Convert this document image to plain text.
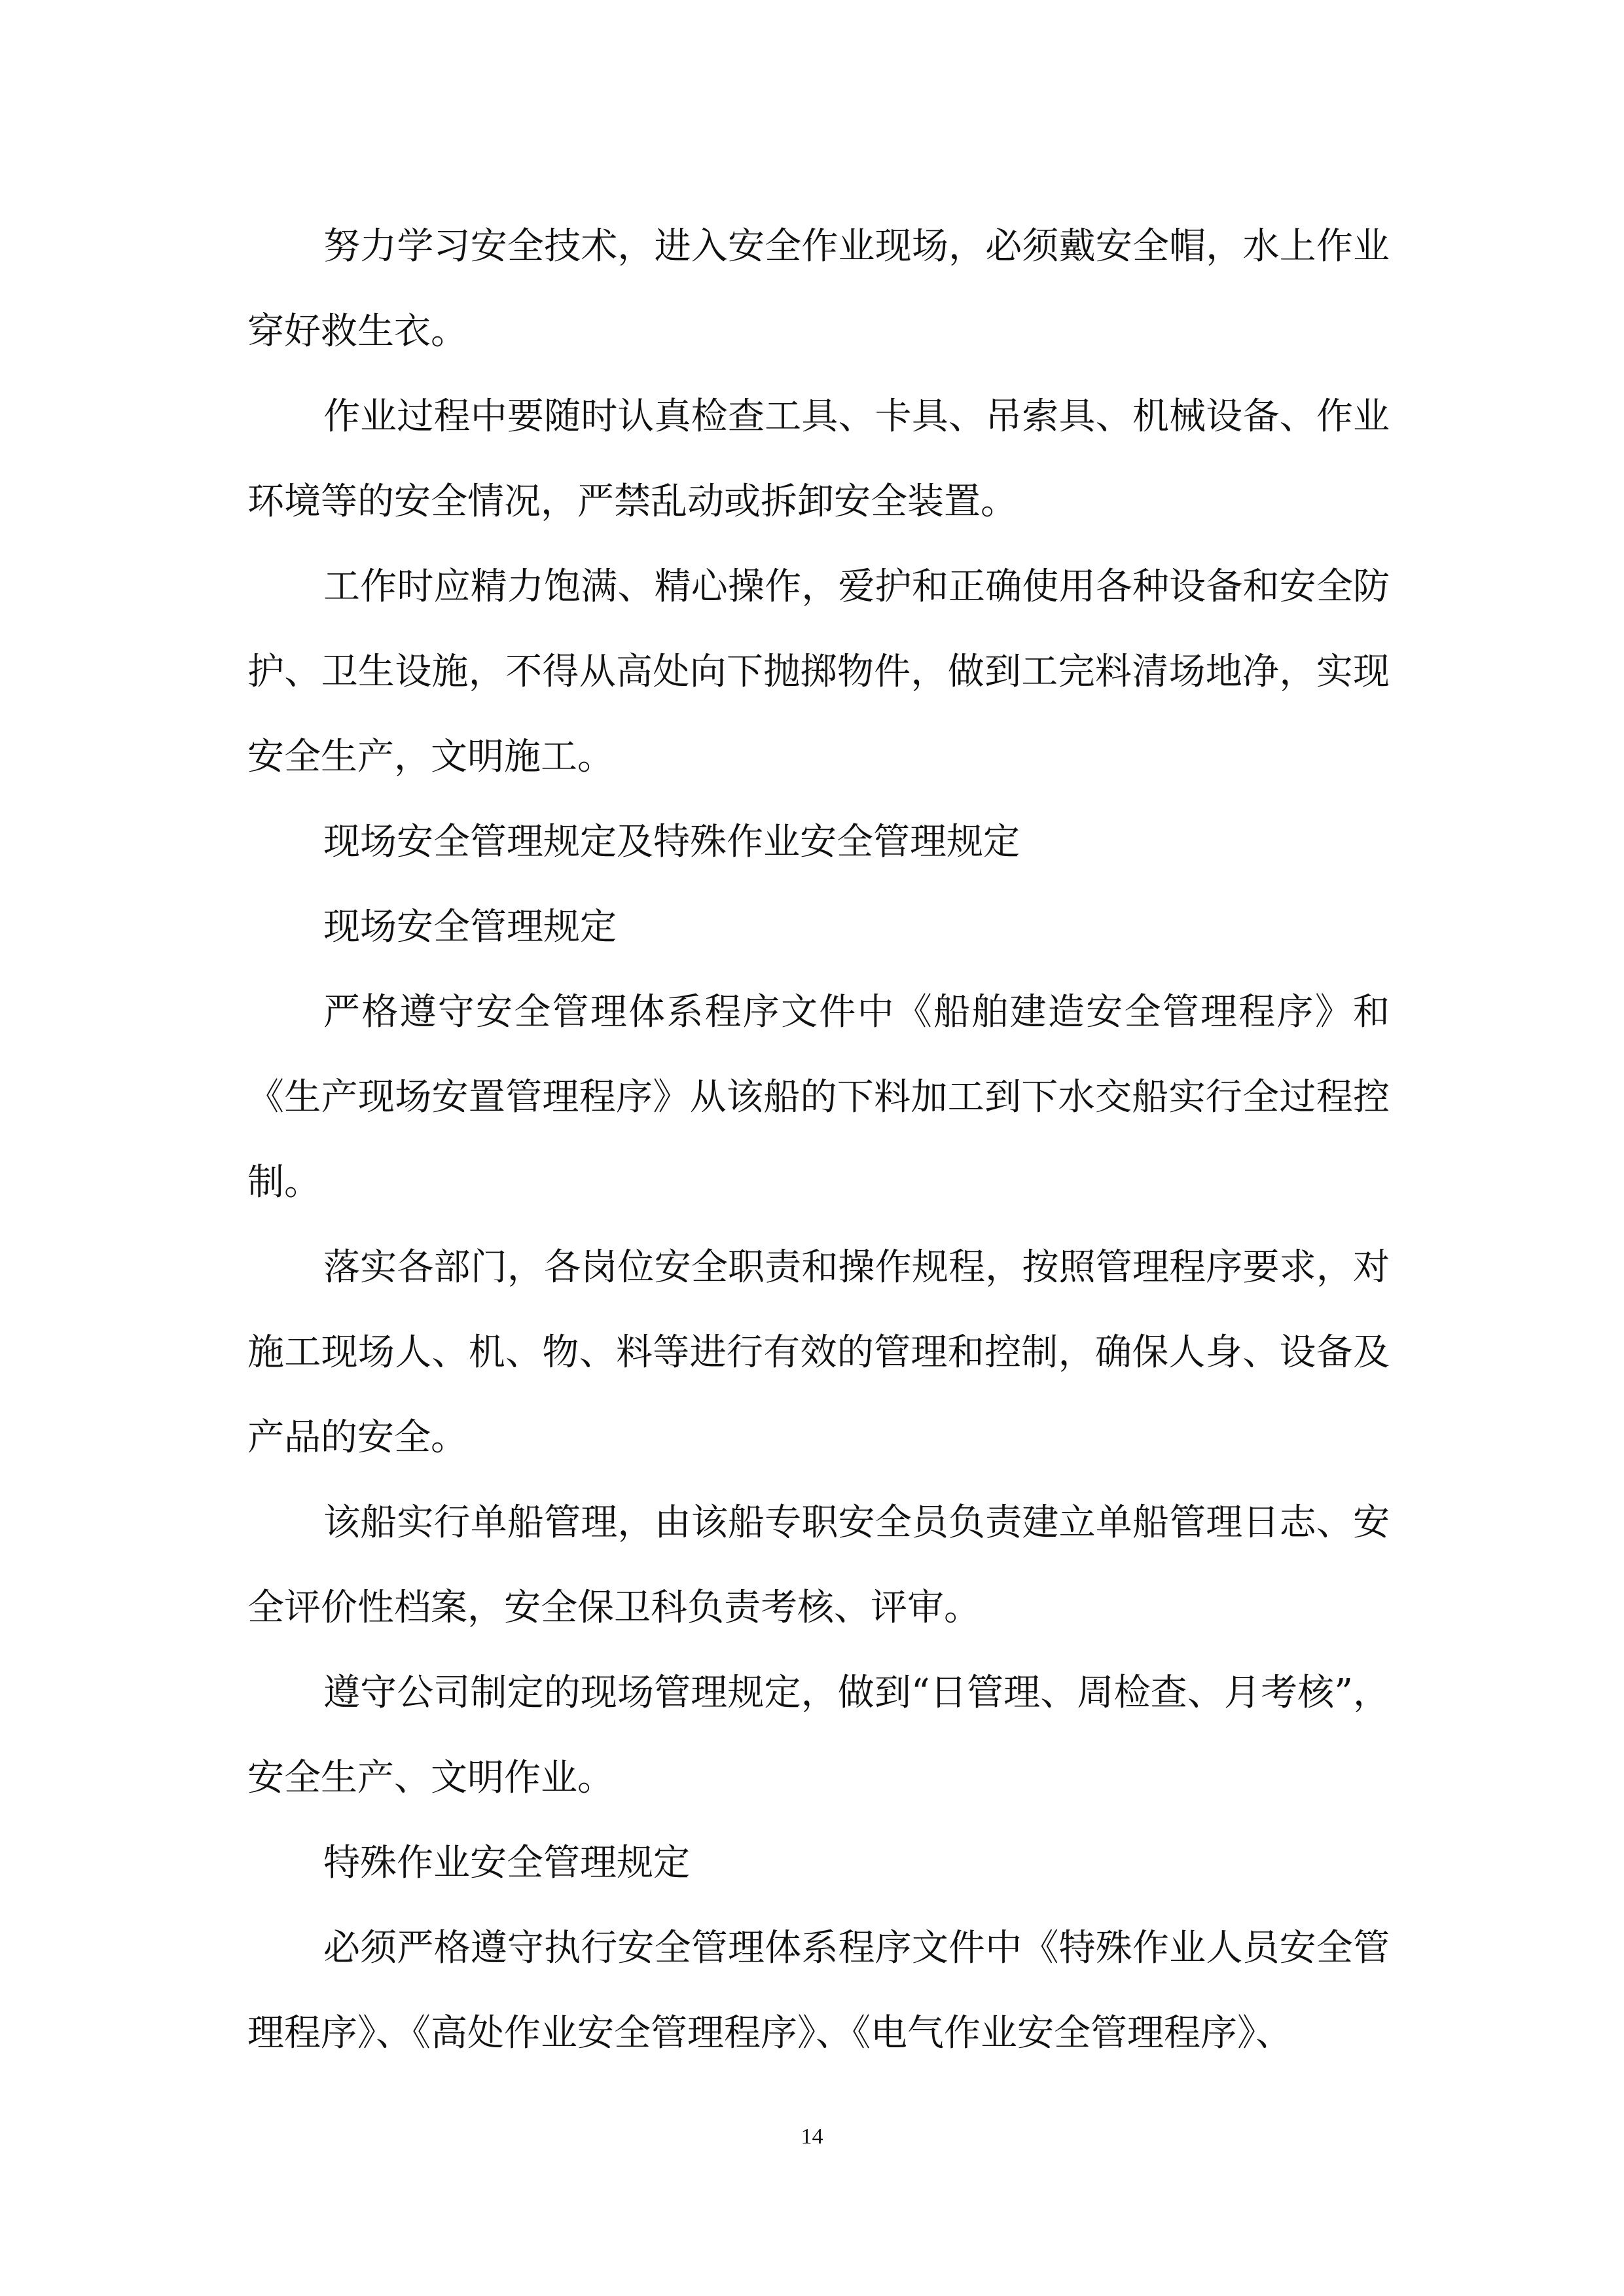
努力学习安全技术，进入安全作业现场，必须戴安全帽，水上作业穿好救生衣。

作业过程中要随时认真检查工具、卡具、吊索具、机械设备、作业环境等的安全情况，严禁乱动或拆卸安全装置。

工作时应精力饱满、精心操作，爱护和正确使用各种设备和安全防护、卫生设施，不得从高处向下抛掷物件，做到工完料清场地净，实现安全生产，文明施工。

现场安全管理规定及特殊作业安全管理规定

现场安全管理规定

严格遵守安全管理体系程序文件中《船舶建造安全管理程序》和《生产现场安置管理程序》从该船的下料加工到下水交船实行全过程控制。

落实各部门，各岗位安全职责和操作规程，按照管理程序要求，对施工现场人、机、物、料等进行有效的管理和控制，确保人身、设备及产品的安全。

该船实行单船管理，由该船专职安全员负责建立单船管理日志、安全评价性档案，安全保卫科负责考核、评审。

遵守公司制定的现场管理规定，做到“日管理、周检查、月考核”，安全生产、文明作业。

特殊作业安全管理规定

必须严格遵守执行安全管理体系程序文件中《特殊作业人员安全管理程序》、《高处作业安全管理程序》、《电气作业安全管理程序》、

14
